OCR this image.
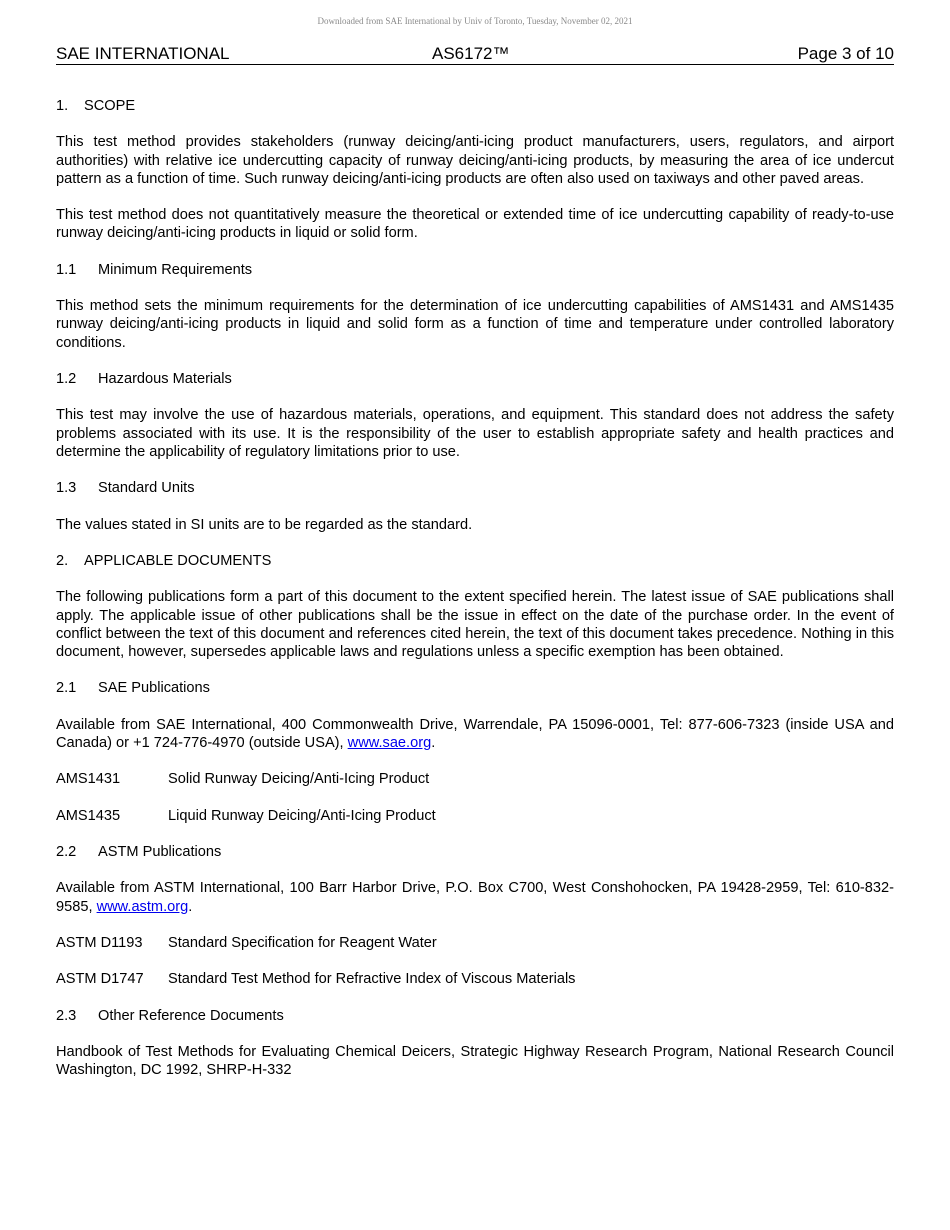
Downloaded from SAE International by Univ of Toronto, Tuesday, November 02, 2021
SAE INTERNATIONAL	AS6172™	Page 3 of 10

1. SCOPE

This test method provides stakeholders (runway deicing/anti-icing product manufacturers, users, regulators, and airport authorities) with relative ice undercutting capacity of runway deicing/anti-icing products, by measuring the area of ice undercut pattern as a function of time. Such runway deicing/anti-icing products are often also used on taxiways and other paved areas.

This test method does not quantitatively measure the theoretical or extended time of ice undercutting capability of ready-to-use runway deicing/anti-icing products in liquid or solid form.

1.1 Minimum Requirements

This method sets the minimum requirements for the determination of ice undercutting capabilities of AMS1431 and AMS1435 runway deicing/anti-icing products in liquid and solid form as a function of time and temperature under controlled laboratory conditions.

1.2 Hazardous Materials

This test may involve the use of hazardous materials, operations, and equipment. This standard does not address the safety problems associated with its use. It is the responsibility of the user to establish appropriate safety and health practices and determine the applicability of regulatory limitations prior to use.

1.3 Standard Units

The values stated in SI units are to be regarded as the standard.

2. APPLICABLE DOCUMENTS

The following publications form a part of this document to the extent specified herein. The latest issue of SAE publications shall apply. The applicable issue of other publications shall be the issue in effect on the date of the purchase order. In the event of conflict between the text of this document and references cited herein, the text of this document takes precedence. Nothing in this document, however, supersedes applicable laws and regulations unless a specific exemption has been obtained.

2.1 SAE Publications

Available from SAE International, 400 Commonwealth Drive, Warrendale, PA 15096-0001, Tel: 877-606-7323 (inside USA and Canada) or +1 724-776-4970 (outside USA), www.sae.org.

AMS1431	Solid Runway Deicing/Anti-Icing Product

AMS1435	Liquid Runway Deicing/Anti-Icing Product

2.2 ASTM Publications

Available from ASTM International, 100 Barr Harbor Drive, P.O. Box C700, West Conshohocken, PA 19428-2959, Tel: 610-832-9585, www.astm.org.

ASTM D1193 Standard Specification for Reagent Water

ASTM D1747 Standard Test Method for Refractive Index of Viscous Materials

2.3 Other Reference Documents

Handbook of Test Methods for Evaluating Chemical Deicers, Strategic Highway Research Program, National Research Council Washington, DC 1992, SHRP-H-332
